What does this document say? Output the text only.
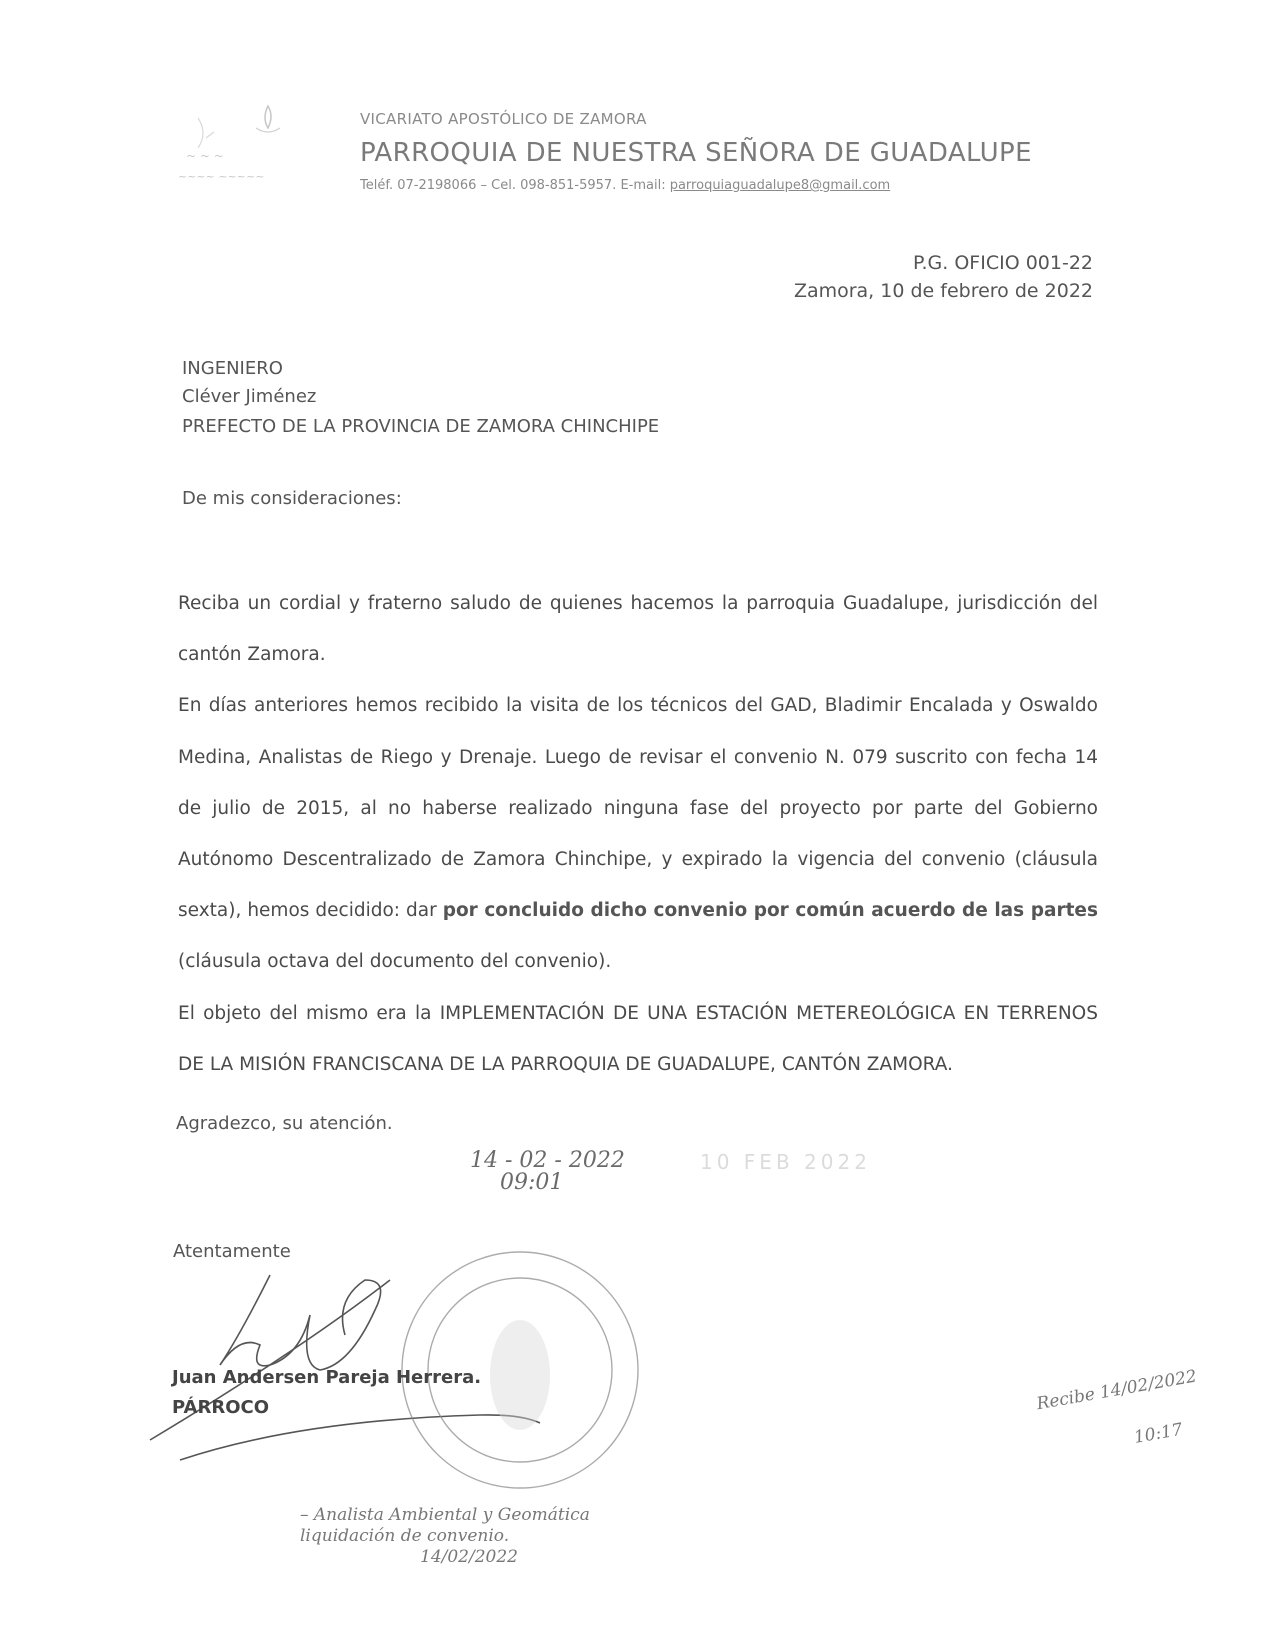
~ ~ ~
~~~~ ~~~~~
VICARIATO APOSTÓLICO DE ZAMORA
PARROQUIA DE NUESTRA SEÑORA DE GUADALUPE
Teléf. 07-2198066 – Cel. 098-851-5957. E-mail: parroquiaguadalupe8@gmail.com
P.G. OFICIO 001-22
Zamora, 10 de febrero de 2022
INGENIERO
Cléver Jiménez
PREFECTO DE LA PROVINCIA DE ZAMORA CHINCHIPE
De mis consideraciones:

Reciba un cordial y fraterno saludo de quienes hacemos la parroquia Guadalupe, jurisdicción del cantón Zamora.

En días anteriores hemos recibido la visita de los técnicos del GAD, Bladimir Encalada y Oswaldo Medina, Analistas de Riego y Drenaje. Luego de revisar el convenio N. 079 suscrito con fecha 14 de julio de 2015, al no haberse realizado ninguna fase del proyecto por parte del Gobierno Autónomo Descentralizado de Zamora Chinchipe, y expirado la vigencia del convenio (cláusula sexta), hemos decidido: dar por concluido dicho convenio por común acuerdo de las partes (cláusula octava del documento del convenio).

El objeto del mismo era la IMPLEMENTACIÓN DE UNA ESTACIÓN METEREOLÓGICA EN TERRENOS DE LA MISIÓN FRANCISCANA DE LA PARROQUIA DE GUADALUPE, CANTÓN ZAMORA.

Agradezco, su atención.
14 - 02 - 2022
09:01
10 FEB 2022
Atentamente
Juan Andersen Pareja Herrera.
PÁRROCO
– Analista Ambiental y Geomática
liquidación de convenio.
14/02/2022
Recibe 14/02/2022
10:17
